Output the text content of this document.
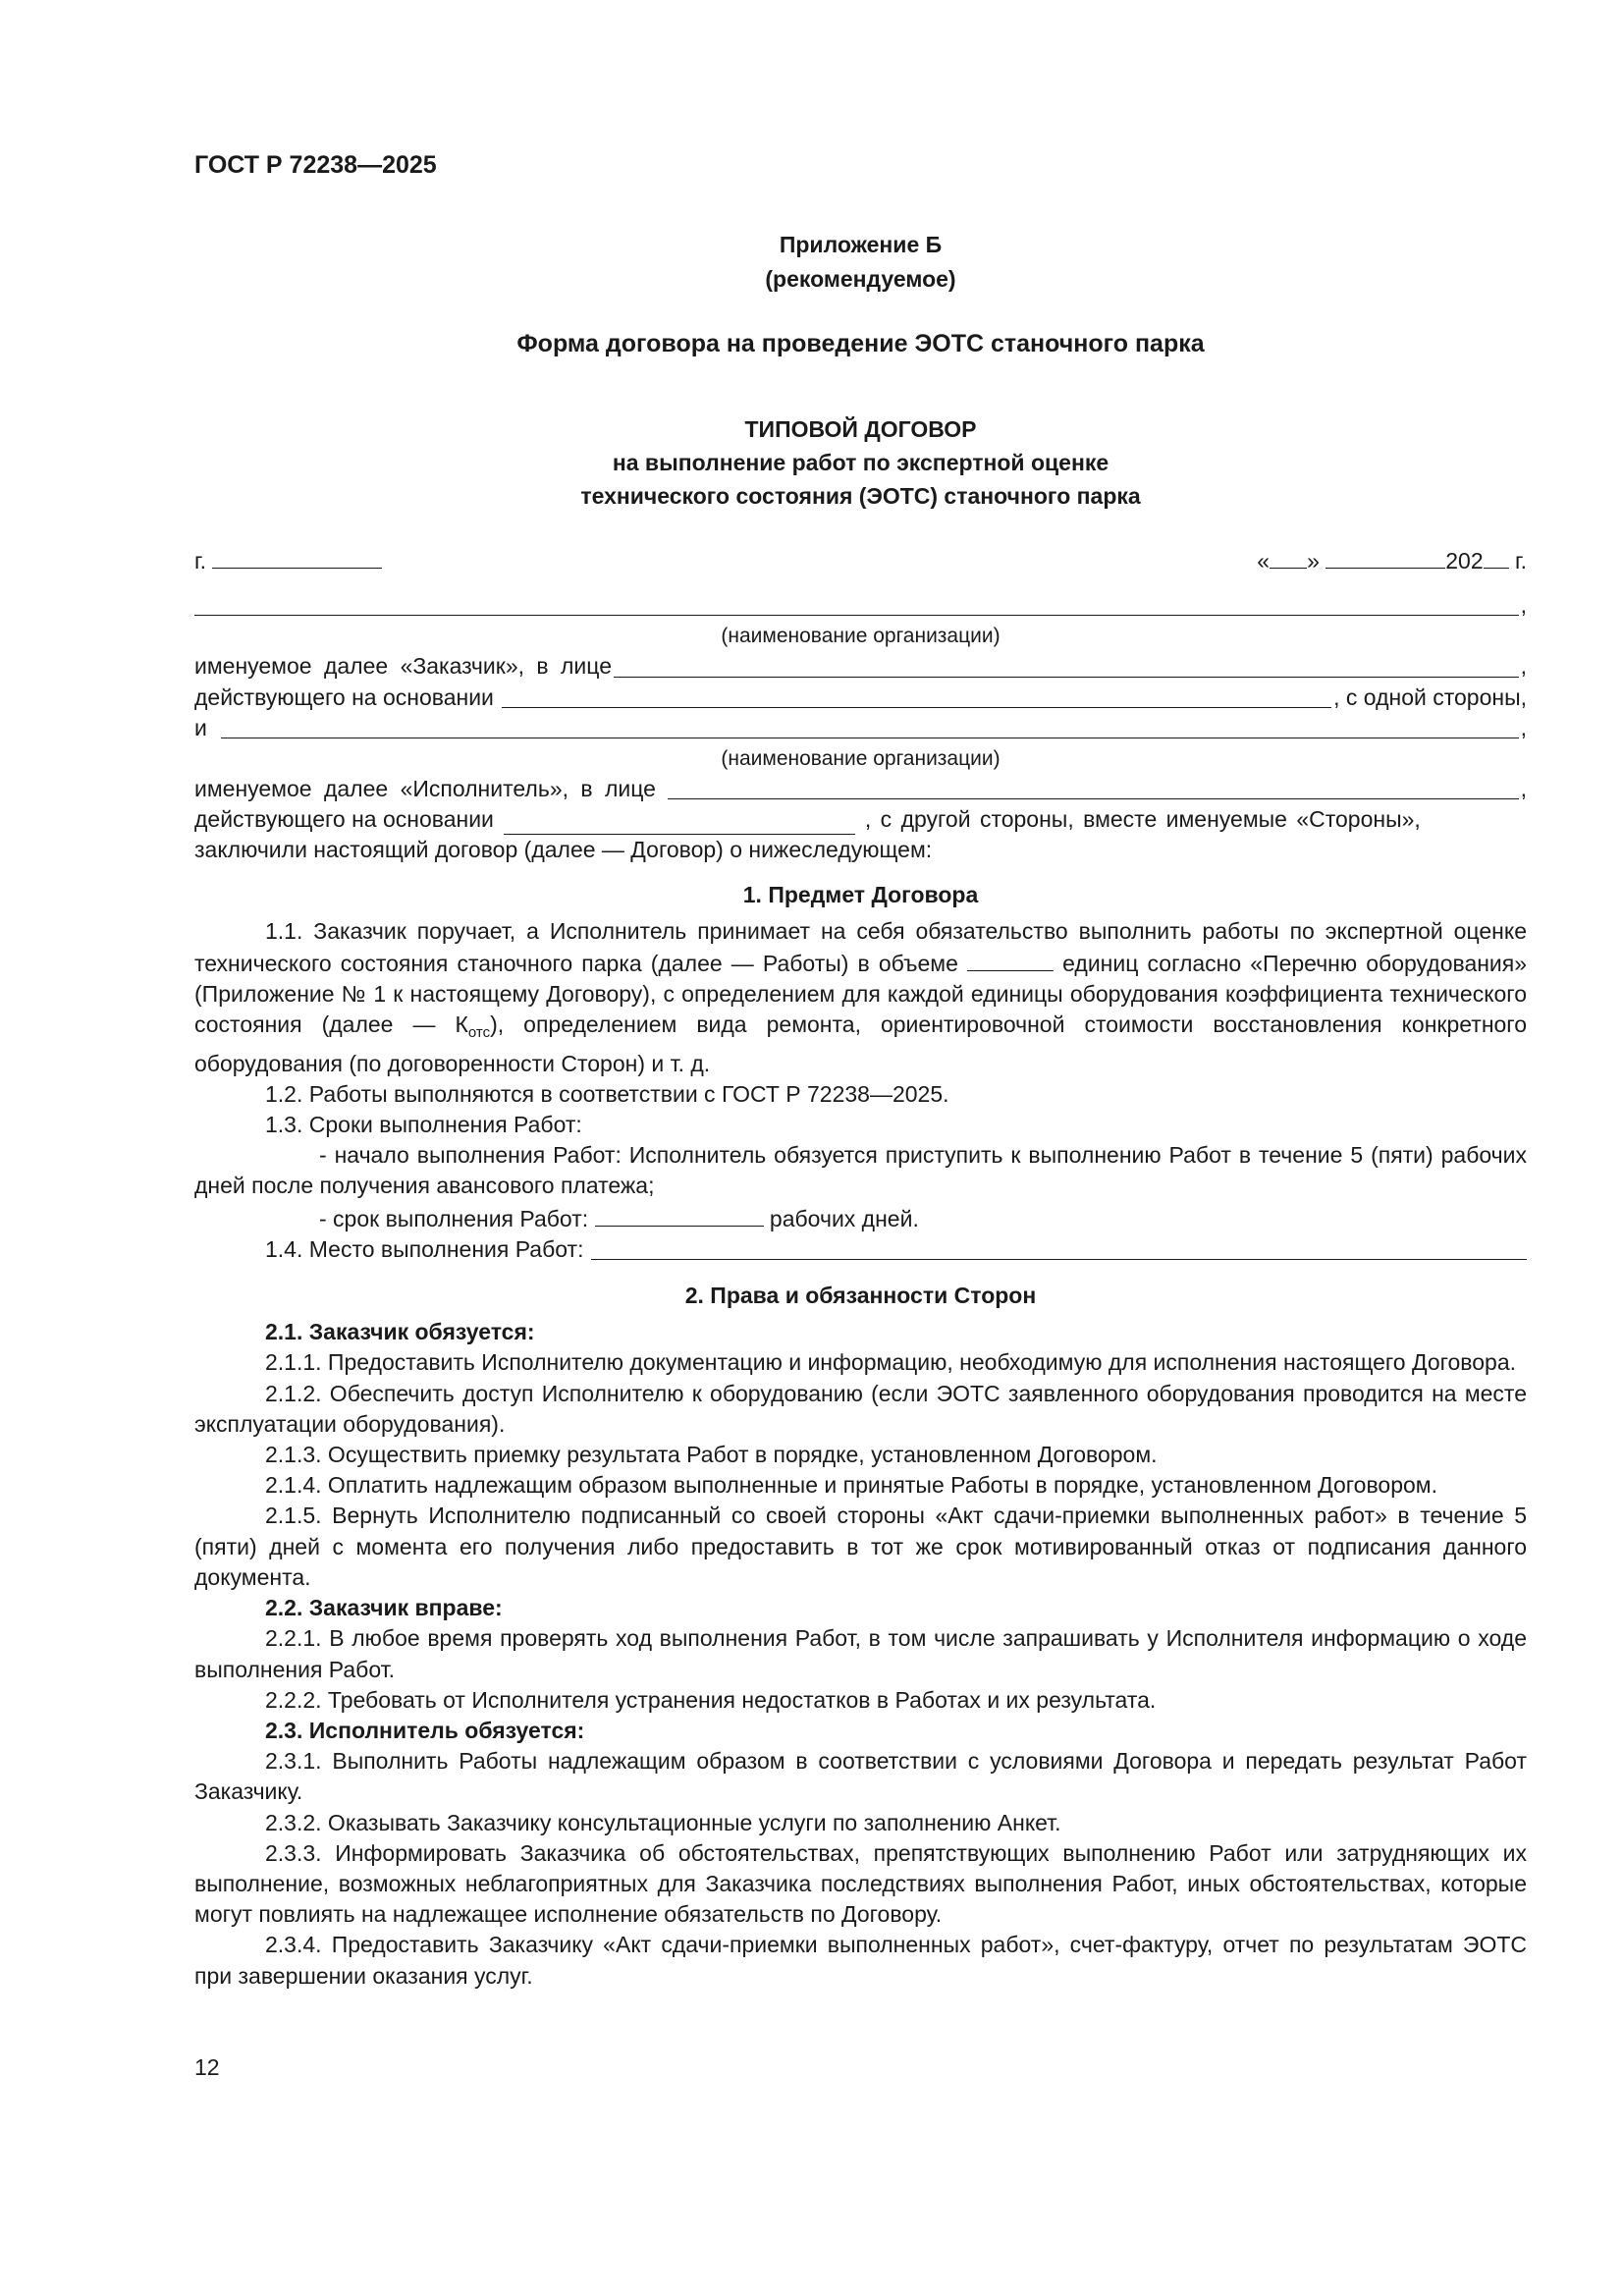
ГОСТ Р 72238—2025

Приложение Б
(рекомендуемое)
Форма договора на проведение ЭОТС станочного парка
ТИПОВОЙ ДОГОВОР
на выполнение работ по экспертной оценке
технического состояния (ЭОТС) станочного парка
г.	« »	202 г.
,
(наименование организации)
именуемое далее «Заказчик», в лице	,
действующего на основании	, с одной стороны,
и	,
(наименование организации)
именуемое далее «Исполнитель», в лице	,
действующего на основании	, с другой стороны, вместе именуемые «Стороны»,
заключили настоящий договор (далее — Договор) о нижеследующем:
1. Предмет Договора
1.1. Заказчик поручает, а Исполнитель принимает на себя обязательство выполнить работы по экспертной оценке технического состояния станочного парка (далее — Работы) в объеме	единиц согласно «Перечню оборудования» (Приложение № 1 к настоящему Договору), с определением для каждой единицы оборудования коэффициента технического состояния (далее — $К_{отс}$), определением вида ремонта, ориентировочной стоимости восстановления конкретного оборудования (по договоренности Сторон) и т. д.
1.2. Работы выполняются в соответствии с ГОСТ Р 72238—2025.
1.3. Сроки выполнения Работ:
- начало выполнения Работ: Исполнитель обязуется приступить к выполнению Работ в течение 5 (пяти) рабочих дней после получения авансового платежа;
- срок выполнения Работ:	рабочих дней.
1.4. Место выполнения Работ:
2. Права и обязанности Сторон
2.1. Заказчик обязуется:
2.1.1. Предоставить Исполнителю документацию и информацию, необходимую для исполнения настоящего Договора.
2.1.2. Обеспечить доступ Исполнителю к оборудованию (если ЭОТС заявленного оборудования проводится на месте эксплуатации оборудования).
2.1.3. Осуществить приемку результата Работ в порядке, установленном Договором.
2.1.4. Оплатить надлежащим образом выполненные и принятые Работы в порядке, установленном Договором.
2.1.5. Вернуть Исполнителю подписанный со своей стороны «Акт сдачи-приемки выполненных работ» в течение 5 (пяти) дней с момента его получения либо предоставить в тот же срок мотивированный отказ от подписания данного документа.
2.2. Заказчик вправе:
2.2.1. В любое время проверять ход выполнения Работ, в том числе запрашивать у Исполнителя информацию о ходе выполнения Работ.
2.2.2. Требовать от Исполнителя устранения недостатков в Работах и их результата.
2.3. Исполнитель обязуется:
2.3.1. Выполнить Работы надлежащим образом в соответствии с условиями Договора и передать результат Работ Заказчику.
2.3.2. Оказывать Заказчику консультационные услуги по заполнению Анкет.
2.3.3. Информировать Заказчика об обстоятельствах, препятствующих выполнению Работ или затрудняющих их выполнение, возможных неблагоприятных для Заказчика последствиях выполнения Работ, иных обстоятельствах, которые могут повлиять на надлежащее исполнение обязательств по Договору.
2.3.4. Предоставить Заказчику «Акт сдачи-приемки выполненных работ», счет-фактуру, отчет по результатам ЭОТС при завершении оказания услуг.
12
